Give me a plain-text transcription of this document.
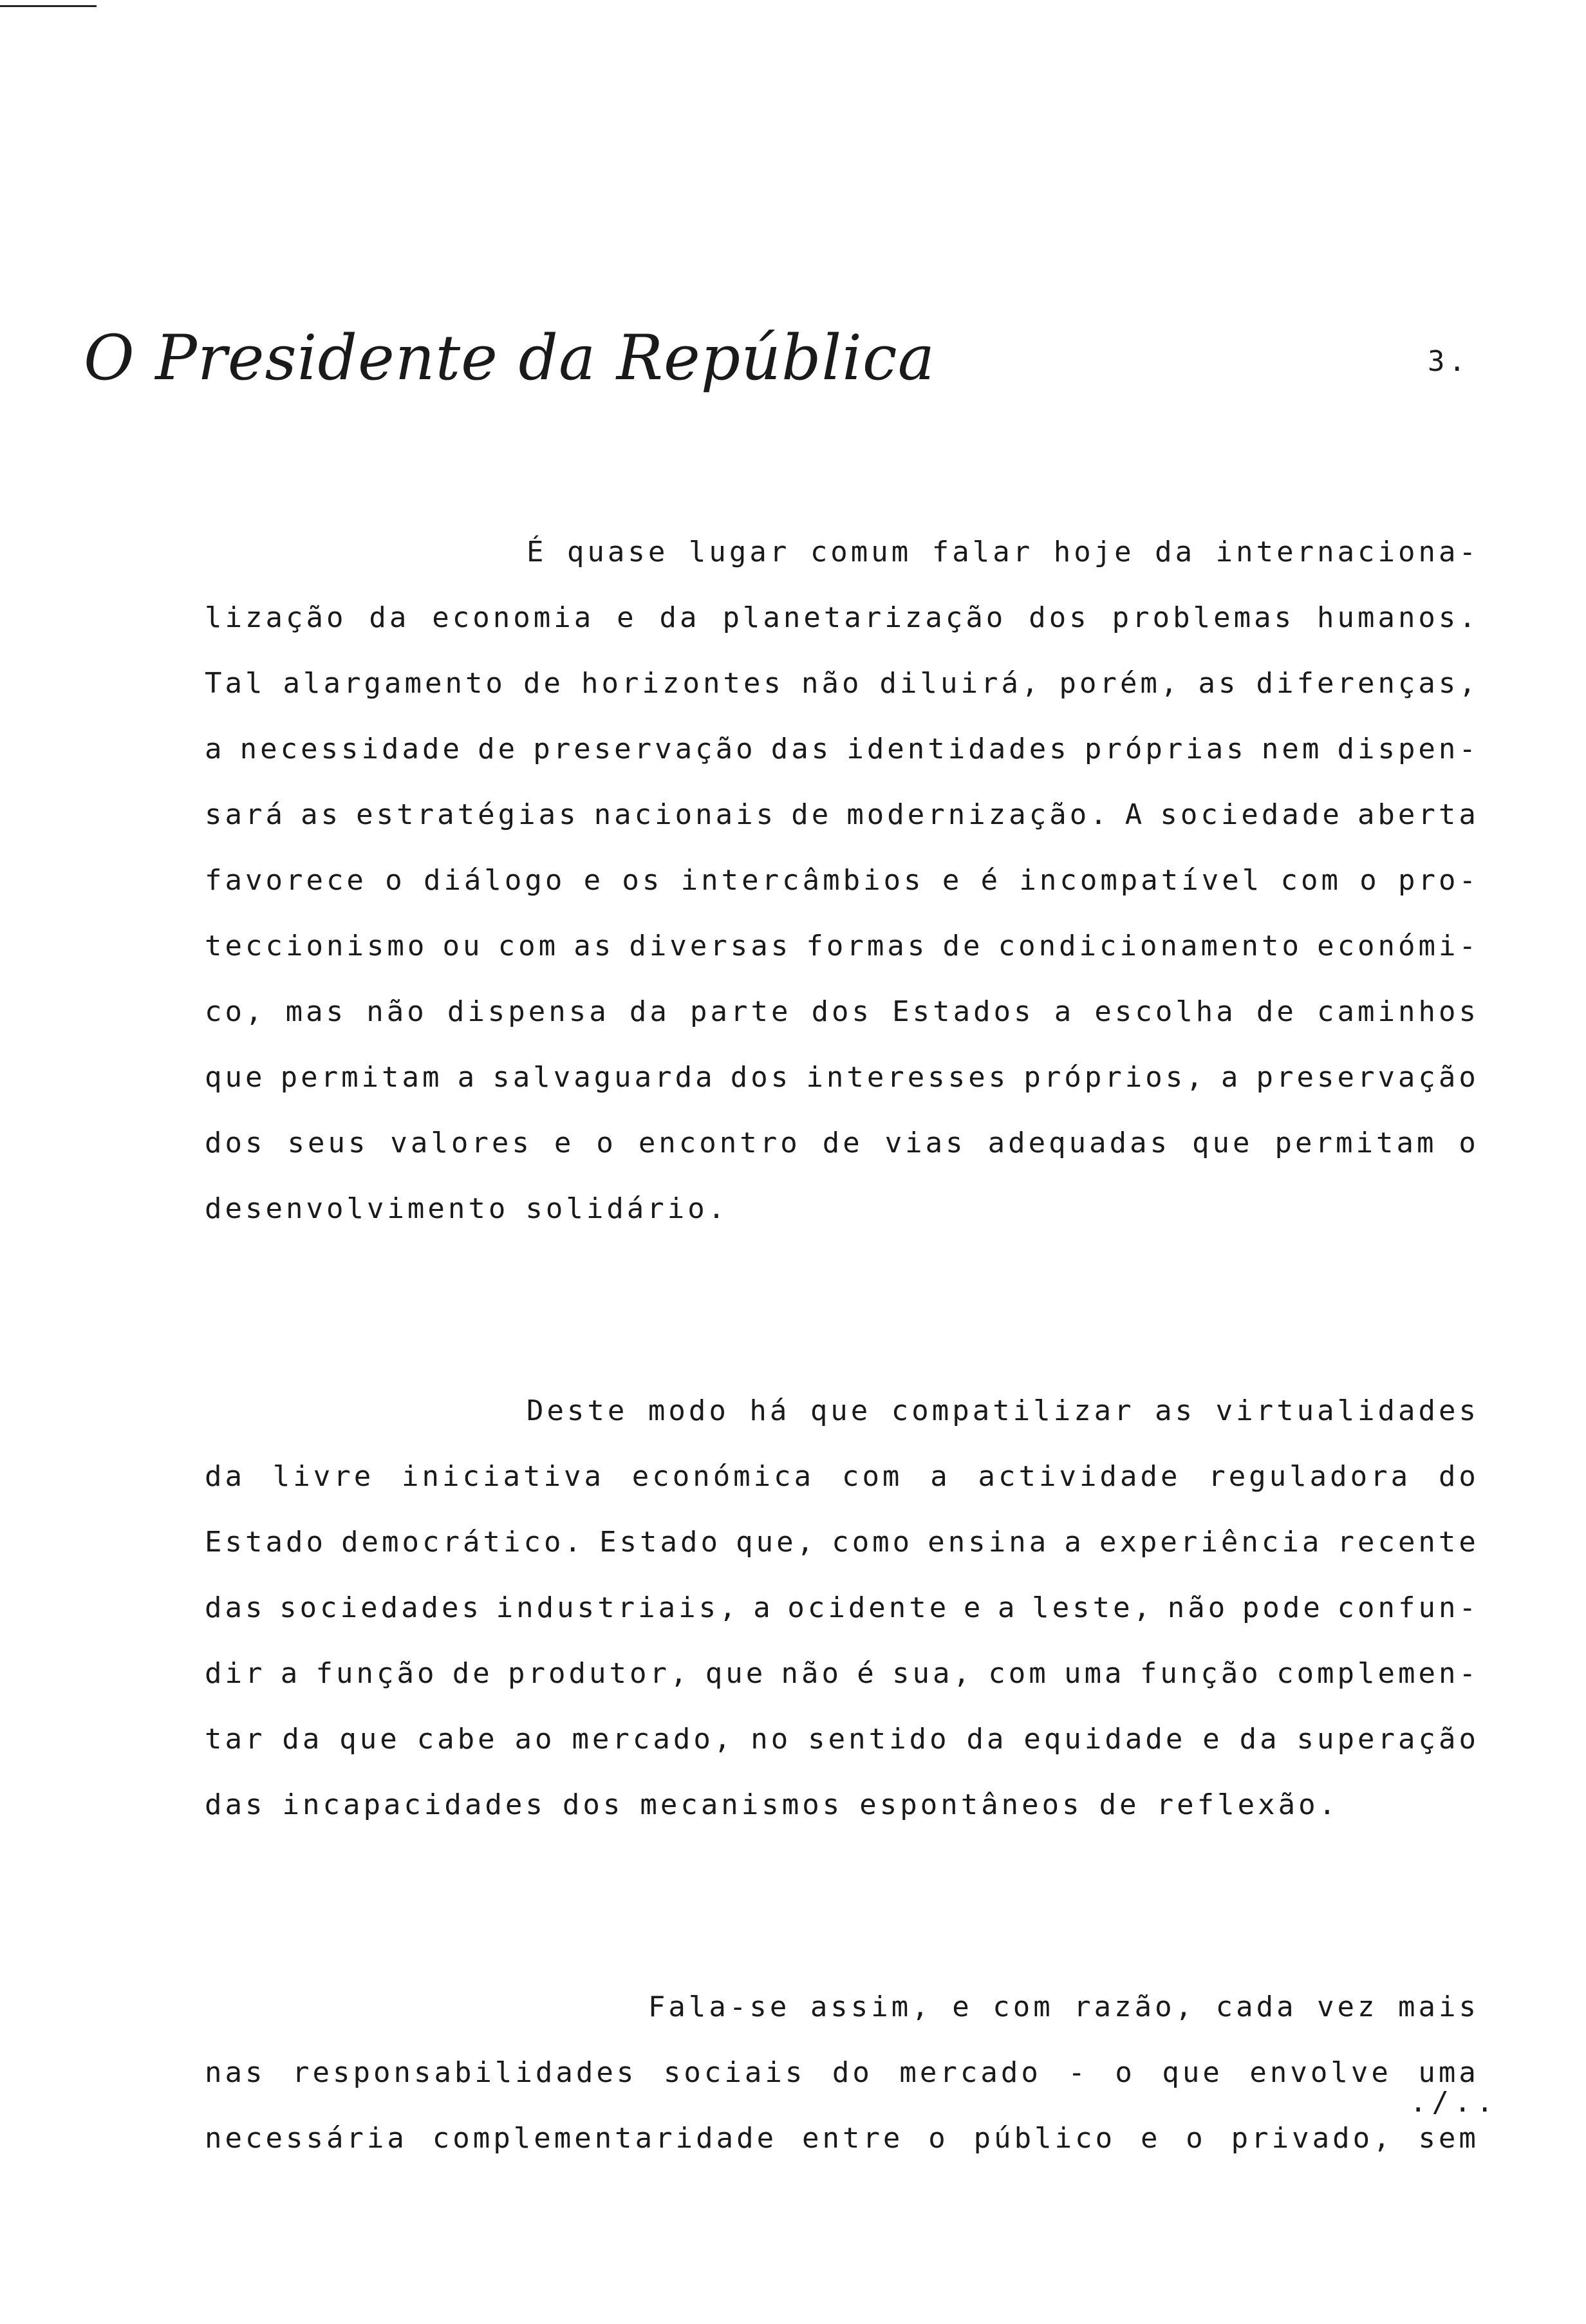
O Presidente da República	3.
É quase lugar comum falar hoje da internaciona-
lização da economia e da planetarização dos problemas humanos.
Tal alargamento de horizontes não diluirá, porém, as diferenças,
a necessidade de preservação das identidades próprias nem dispen-
sará as estratégias nacionais de modernização. A sociedade aberta
favorece o diálogo e os intercâmbios e é incompatível com o pro-
teccionismo ou com as diversas formas de condicionamento económi-
co, mas não dispensa da parte dos Estados a escolha de caminhos
que permitam a salvaguarda dos interesses próprios, a preservação
dos seus valores e o encontro de vias adequadas que permitam o
desenvolvimento solidário.
Deste modo há que compatilizar as virtualidades
da livre iniciativa económica com a actividade reguladora do
Estado democrático. Estado que, como ensina a experiência recente
das sociedades industriais, a ocidente e a leste, não pode confun-
dir a função de produtor, que não é sua, com uma função complemen-
tar da que cabe ao mercado, no sentido da equidade e da superação
das incapacidades dos mecanismos espontâneos de reflexão.
Fala-se assim, e com razão, cada vez mais
nas responsabilidades sociais do mercado - o que envolve uma
necessária complementaridade entre o público e o privado, sem
./..
